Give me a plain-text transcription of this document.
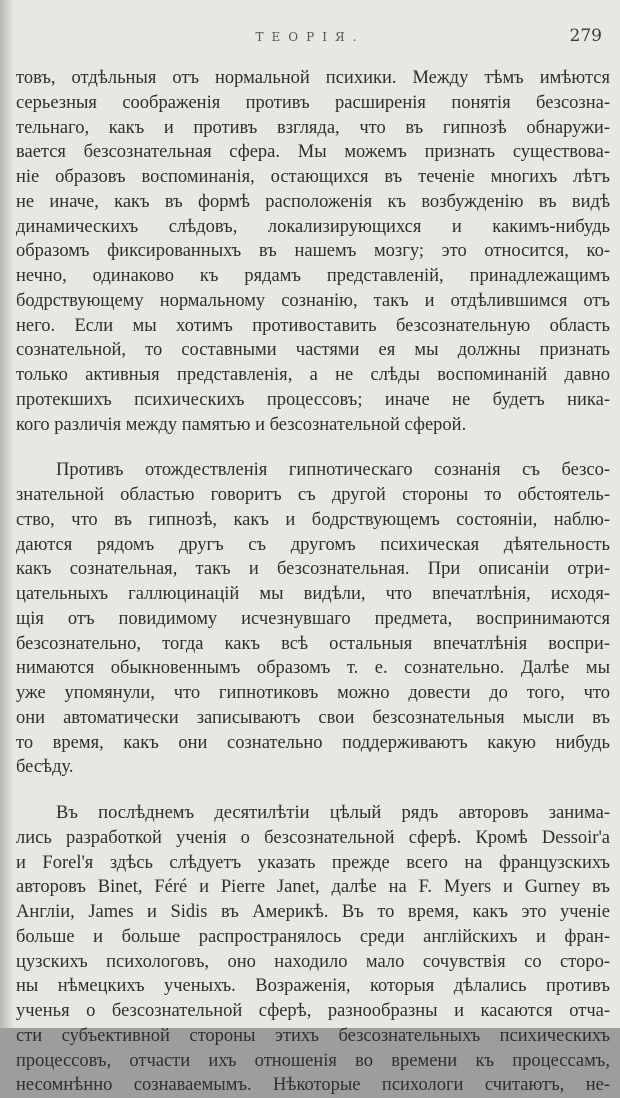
ТЕОРІЯ.	279
товъ, отдѣльныя отъ нормальной психики. Между тѣмъ имѣются
серьезныя соображенія противъ расширенія понятія безсозна-
тельнаго, какъ и противъ взгляда, что въ гипнозѣ обнаружи-
вается безсознательная сфера. Мы можемъ признать существова-
ніе образовъ воспоминанія, остающихся въ теченіе многихъ лѣтъ
не иначе, какъ въ формѣ расположенія къ возбужденію въ видѣ
динамическихъ слѣдовъ, локализирующихся и какимъ-нибудь
образомъ фиксированныхъ въ нашемъ мозгу; это относится, ко-
нечно, одинаково къ рядамъ представленій, принадлежащимъ
бодрствующему нормальному сознанію, такъ и отдѣлившимся отъ
него. Если мы хотимъ противоставить безсознательную область
сознательной, то составными частями ея мы должны признать
только активныя представленія, а не слѣды воспоминаній давно
протекшихъ психическихъ процессовъ; иначе не будетъ ника-
кого различія между памятью и безсознательной сферой.
Противъ отождествленія гипнотическаго сознанія съ безсо-
знательной областью говоритъ съ другой стороны то обстоятель-
ство, что въ гипнозѣ, какъ и бодрствующемъ состояніи, наблю-
даются рядомъ другъ съ другомъ психическая дѣятельность
какъ сознательная, такъ и безсознательная. При описаніи отри-
цательныхъ галлюцинацій мы видѣли, что впечатлѣнія, исходя-
щія отъ повидимому исчезнувшаго предмета, воспринимаются
безсознательно, тогда какъ всѣ остальныя впечатлѣнія воспри-
нимаются обыкновеннымъ образомъ т. е. сознательно. Далѣе мы
уже упомянули, что гипнотиковъ можно довести до того, что
они автоматически записываютъ свои безсознательныя мысли въ
то время, какъ они сознательно поддерживаютъ какую нибудь
бесѣду.
Въ послѣднемъ десятилѣтіи цѣлый рядъ авторовъ занима-
лись разработкой ученія о безсознательной сферѣ. Кромѣ Dessoir'a
и Forel'я здѣсь слѣдуетъ указать прежде всего на французскихъ
авторовъ Binet, Féré и Pierre Janet, далѣе на F. Myers и Gurney въ
Англіи, James и Sidis въ Америкѣ. Въ то время, какъ это ученіе
больше и больше распространялось среди англійскихъ и фран-
цузскихъ психологовъ, оно находило мало сочувствія со сторо-
ны нѣмецкихъ ученыхъ. Возраженія, которыя дѣлались противъ
ученья о безсознательной сферѣ, разнообразны и касаются отча-
сти субъективной стороны этихъ безсознательныхъ психическихъ
процессовъ, отчасти ихъ отношенія во времени къ процессамъ,
несомнѣнно сознаваемымъ. Нѣкоторые психологи считаютъ, не-
